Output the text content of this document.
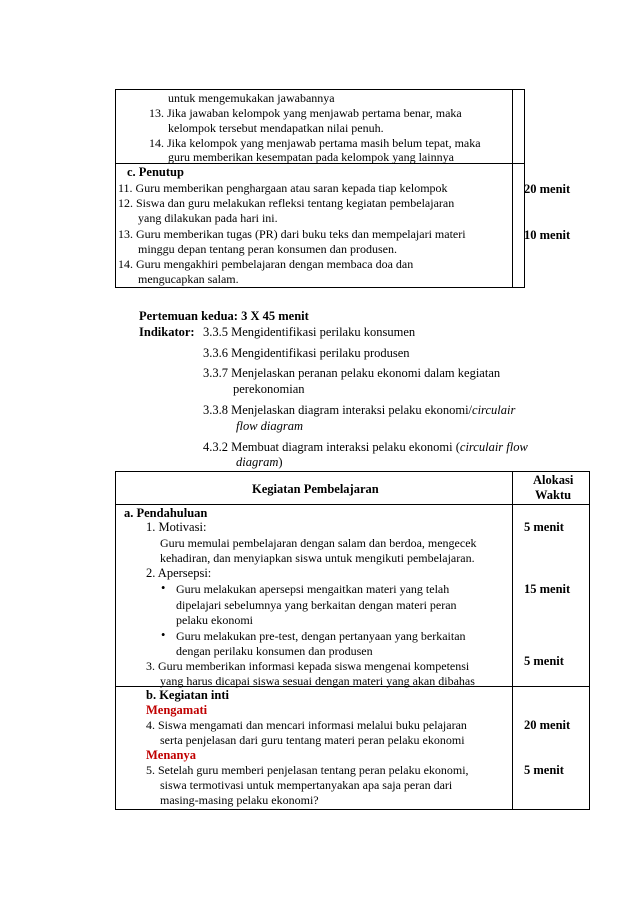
untuk mengemukakan jawabannya
13. Jika jawaban kelompok yang menjawab pertama benar, maka
kelompok tersebut mendapatkan nilai penuh.
14. Jika kelompok yang menjawab pertama masih belum tepat, maka
guru memberikan kesempatan pada kelompok yang lainnya
c. Penutup
11. Guru memberikan penghargaan atau saran kepada tiap kelompok
12. Siswa dan guru melakukan refleksi tentang kegiatan pembelajaran
yang dilakukan pada hari ini.
13. Guru memberikan tugas (PR) dari buku teks dan mempelajari materi
minggu depan tentang peran konsumen dan produsen.
14. Guru mengakhiri pembelajaran dengan membaca doa dan
mengucapkan salam.
20 menit
10 menit
Pertemuan kedua: 3 X 45 menit
Indikator: 3.3.5 Mengidentifikasi perilaku konsumen
3.3.6 Mengidentifikasi perilaku produsen
3.3.7 Menjelaskan peranan pelaku ekonomi dalam kegiatan
perekonomian
3.3.8 Menjelaskan diagram interaksi pelaku ekonomi/circulair
flow diagram
4.3.2 Membuat diagram interaksi pelaku ekonomi (circulair flow
diagram)
Kegiatan Pembelajaran
Alokasi
Waktu
a. Pendahuluan
1. Motivasi:
Guru memulai pembelajaran dengan salam dan berdoa, mengecek
kehadiran, dan menyiapkan siswa untuk mengikuti pembelajaran.
2. Apersepsi:
• Guru melakukan apersepsi mengaitkan materi yang telah
dipelajari sebelumnya yang berkaitan dengan materi peran
pelaku ekonomi
• Guru melakukan pre-test, dengan pertanyaan yang berkaitan
dengan perilaku konsumen dan produsen
3. Guru memberikan informasi kepada siswa mengenai kompetensi
yang harus dicapai siswa sesuai dengan materi yang akan dibahas
5 menit
15 menit
5 menit
b. Kegiatan inti
Mengamati
4. Siswa mengamati dan mencari informasi melalui buku pelajaran
serta penjelasan dari guru tentang materi peran pelaku ekonomi
Menanya
5. Setelah guru memberi penjelasan tentang peran pelaku ekonomi,
siswa termotivasi untuk mempertanyakan apa saja peran dari
masing-masing pelaku ekonomi?
20 menit
5 menit
